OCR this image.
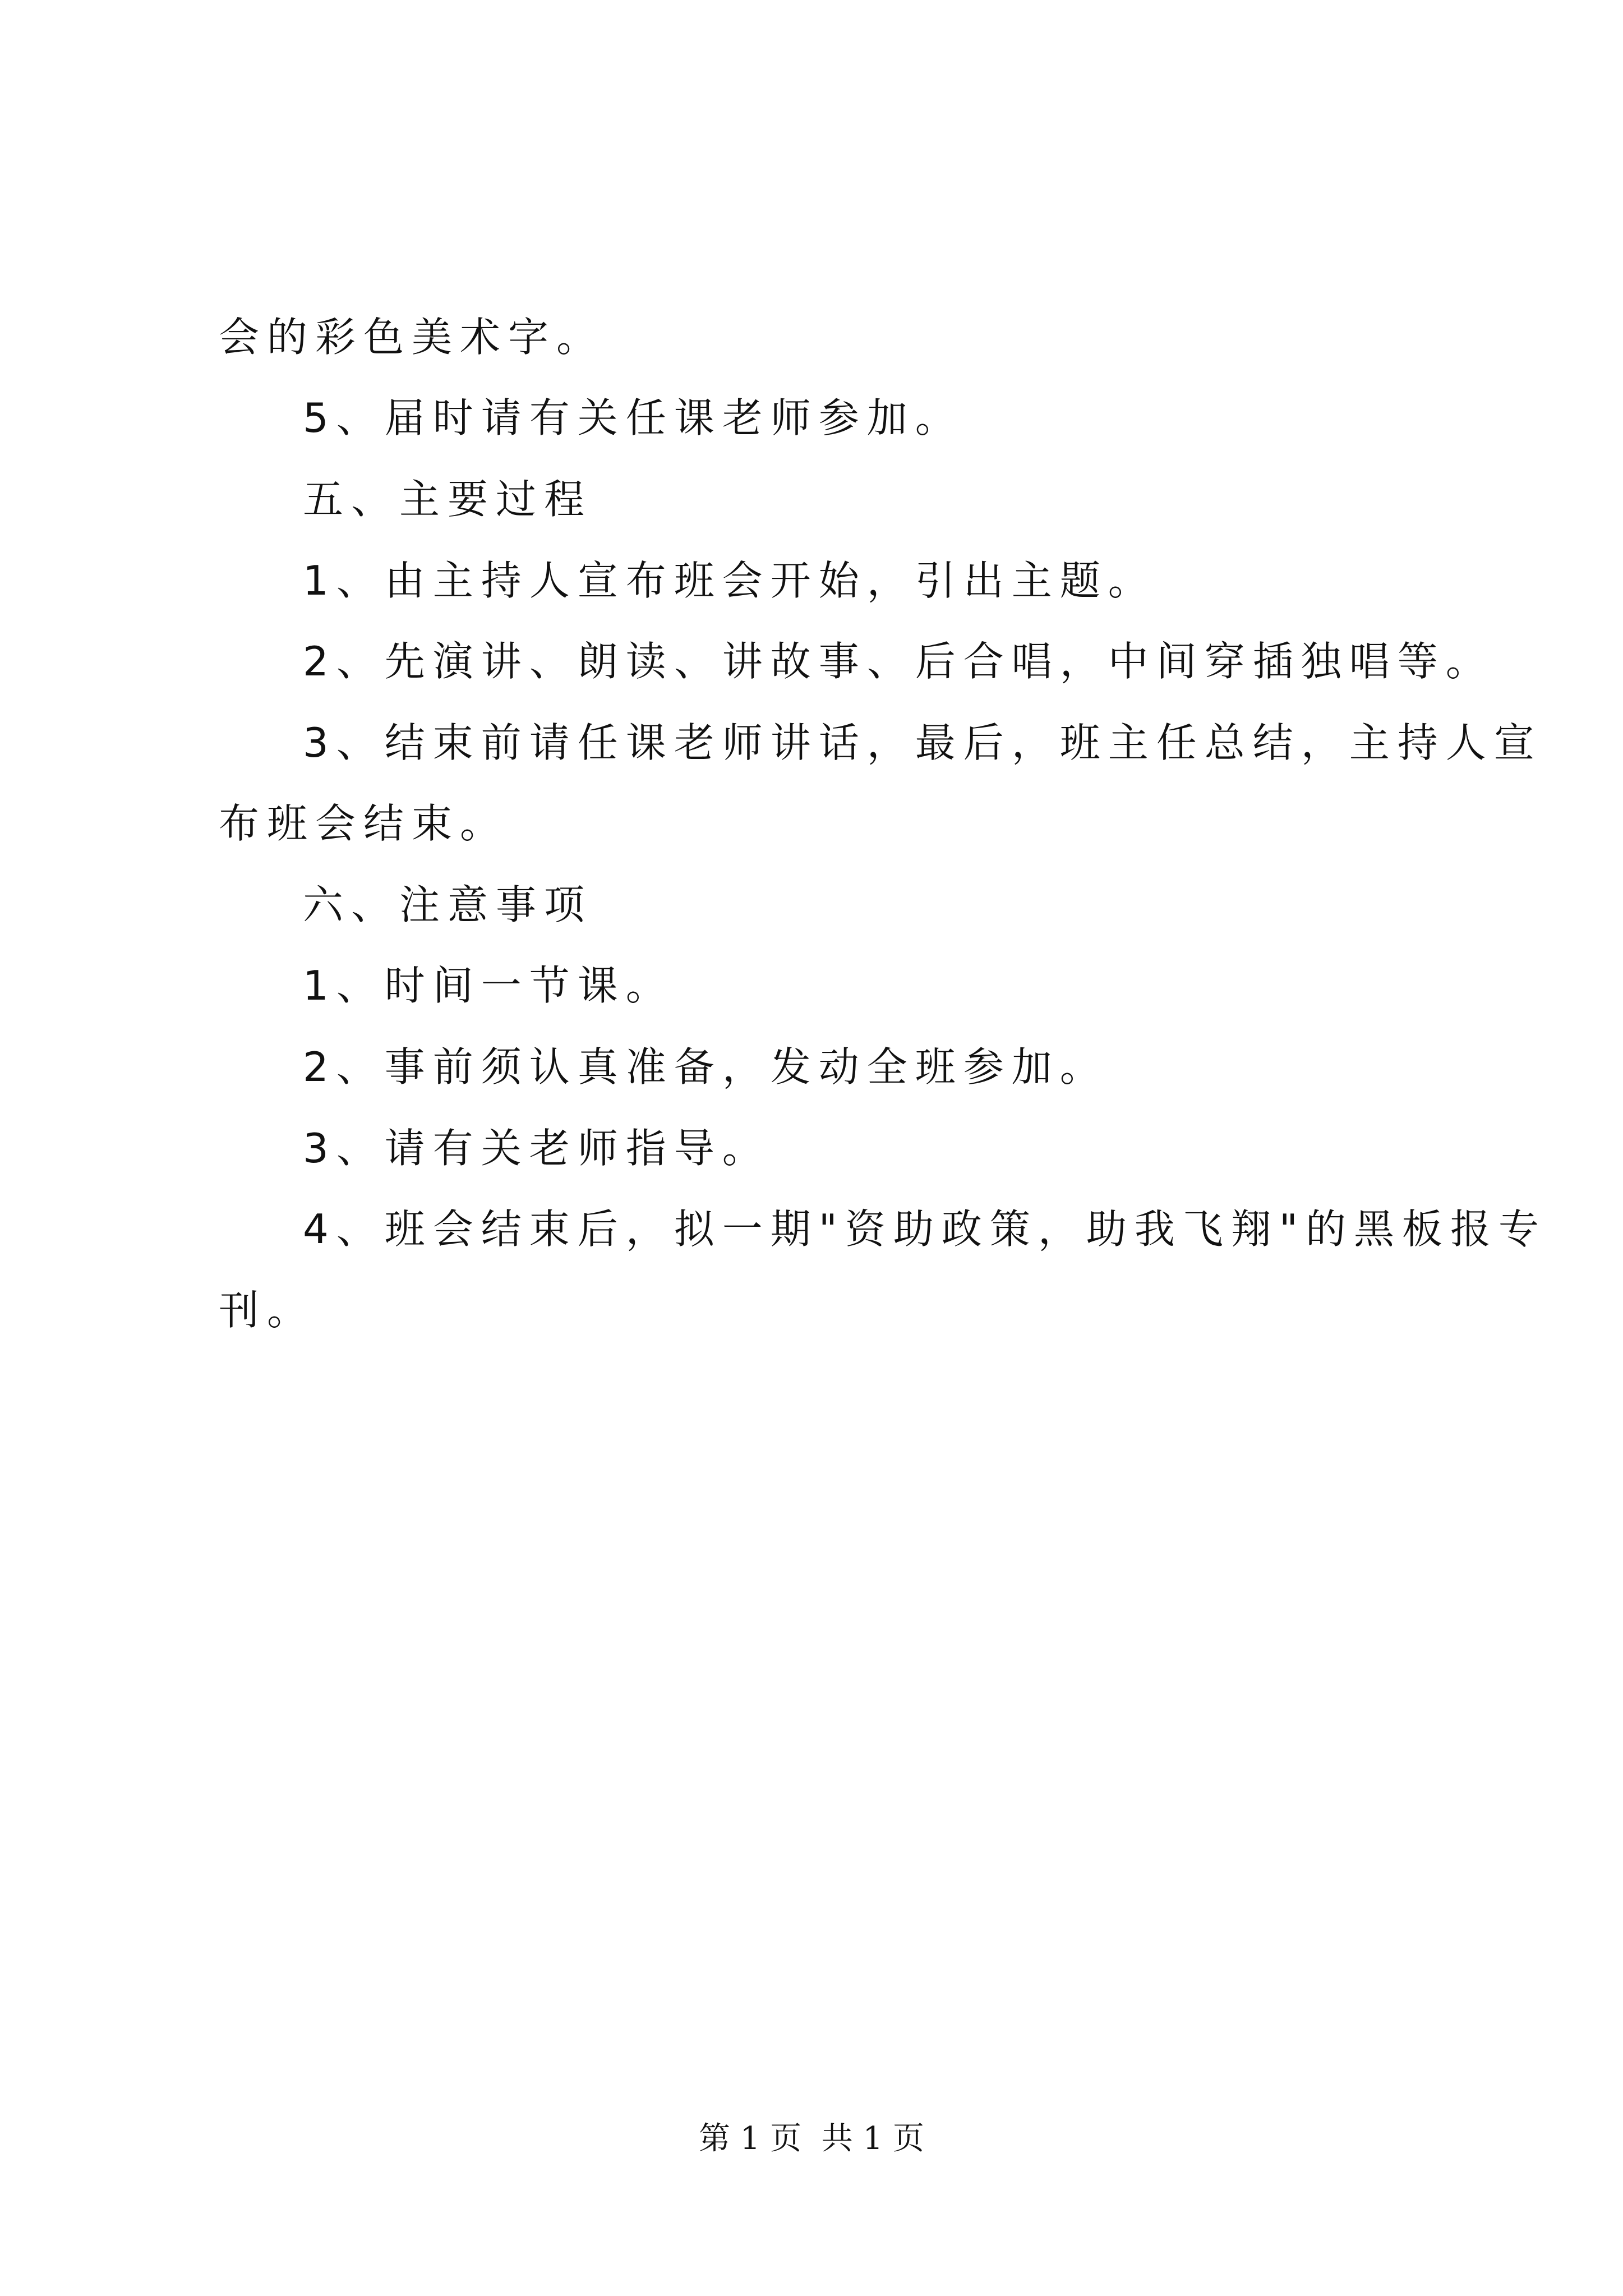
会的彩色美术字。
5、届时请有关任课老师参加。
五、主要过程
1、由主持人宣布班会开始，引出主题。
2、先演讲、朗读、讲故事、后合唱，中间穿插独唱等。
3、结束前请任课老师讲话，最后，班主任总结，主持人宣
布班会结束。
六、注意事项
1、时间一节课。
2、事前须认真准备，发动全班参加。
3、请有关老师指导。
4、班会结束后，拟一期"资助政策，助我飞翔"的黑板报专
刊。
第 1 页  共 1 页
